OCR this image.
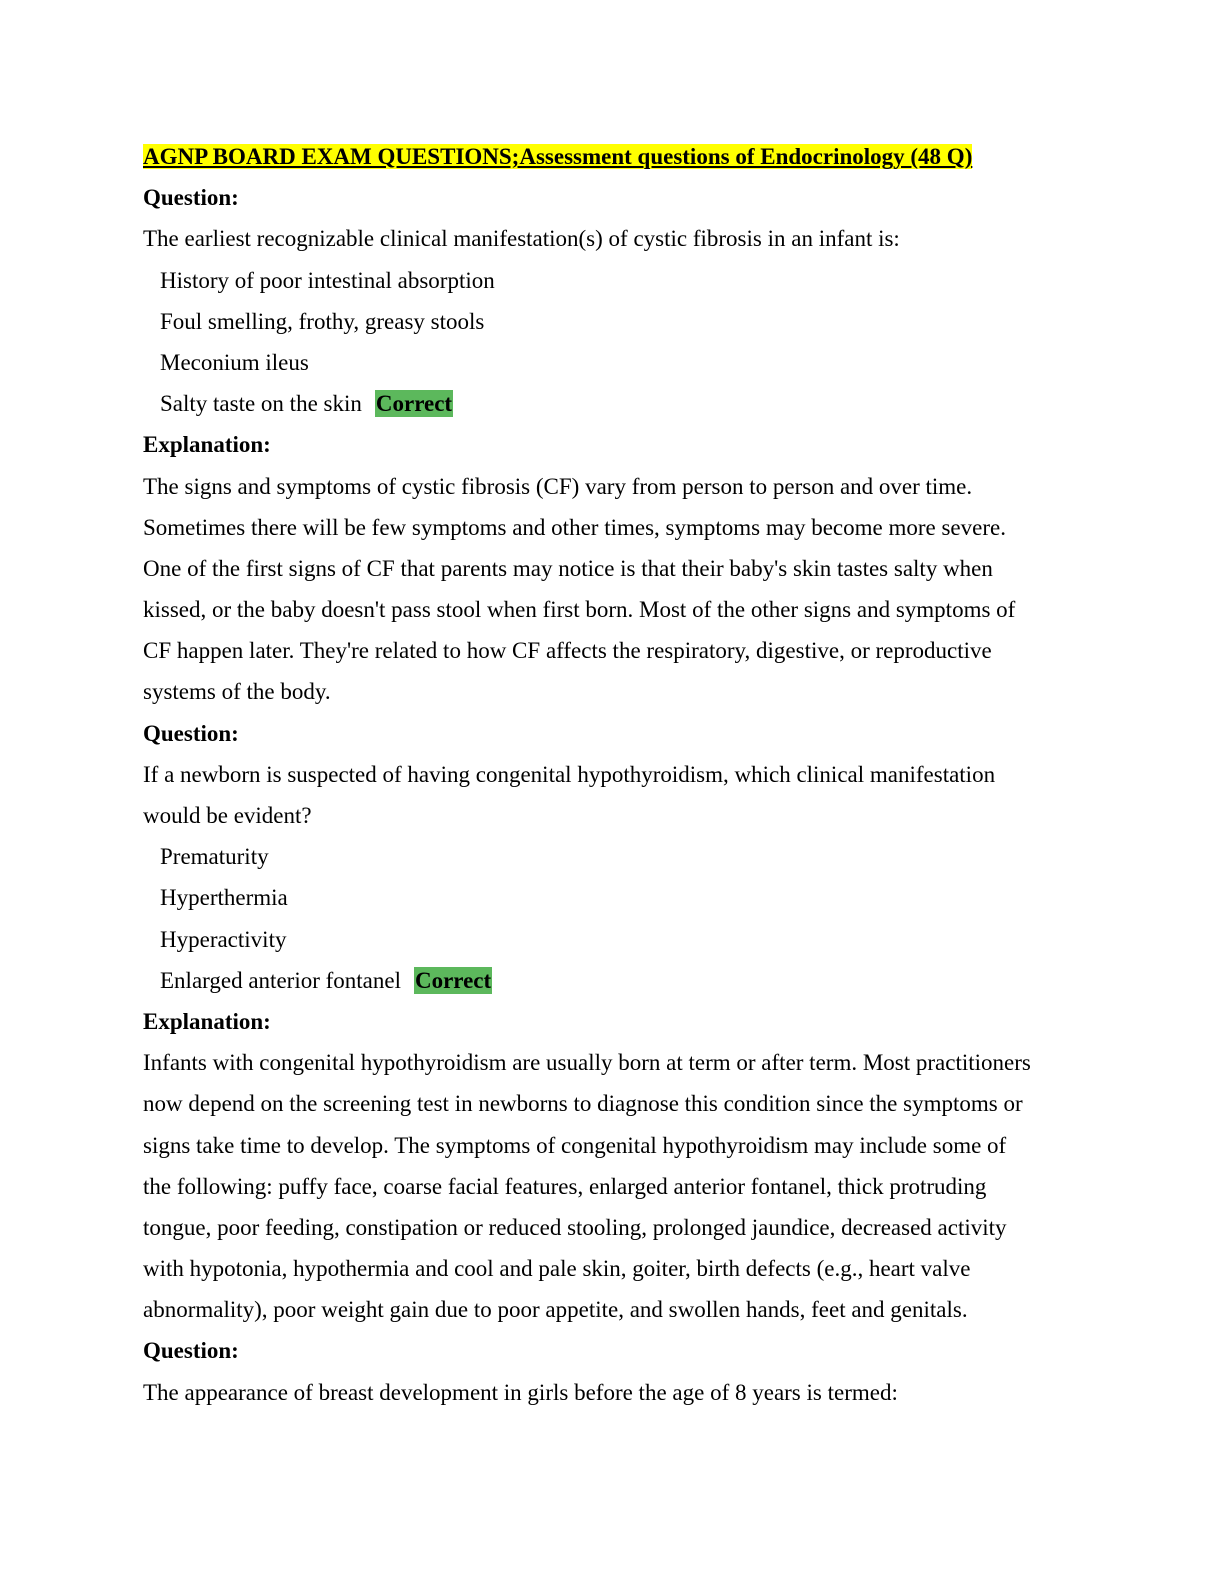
AGNP BOARD EXAM QUESTIONS;Assessment questions of Endocrinology (48 Q)
Question:
The earliest recognizable clinical manifestation(s) of cystic fibrosis in an infant is:
History of poor intestinal absorption
Foul smelling, frothy, greasy stools
Meconium ileus
Salty taste on the skin Correct
Explanation:
The signs and symptoms of cystic fibrosis (CF) vary from person to person and over time.
Sometimes there will be few symptoms and other times, symptoms may become more severe.
One of the first signs of CF that parents may notice is that their baby's skin tastes salty when
kissed, or the baby doesn't pass stool when first born. Most of the other signs and symptoms of
CF happen later. They're related to how CF affects the respiratory, digestive, or reproductive
systems of the body.
Question:
If a newborn is suspected of having congenital hypothyroidism, which clinical manifestation
would be evident?
Prematurity
Hyperthermia
Hyperactivity
Enlarged anterior fontanel Correct
Explanation:
Infants with congenital hypothyroidism are usually born at term or after term. Most practitioners
now depend on the screening test in newborns to diagnose this condition since the symptoms or
signs take time to develop. The symptoms of congenital hypothyroidism may include some of
the following: puffy face, coarse facial features, enlarged anterior fontanel, thick protruding
tongue, poor feeding, constipation or reduced stooling, prolonged jaundice, decreased activity
with hypotonia, hypothermia and cool and pale skin, goiter, birth defects (e.g., heart valve
abnormality), poor weight gain due to poor appetite, and swollen hands, feet and genitals.
Question:
The appearance of breast development in girls before the age of 8 years is termed:
